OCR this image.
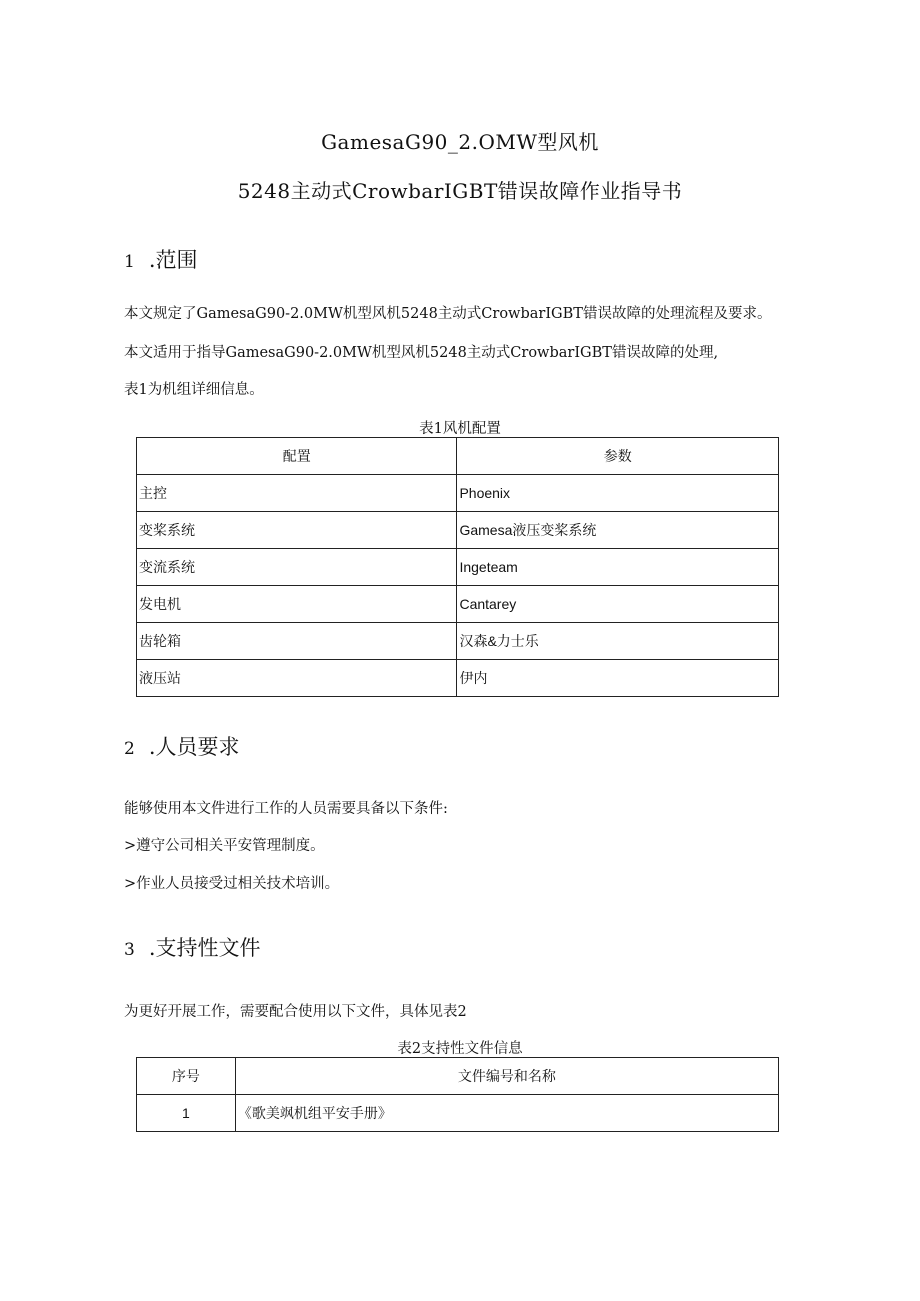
GamesaG90_2.OMW型风机
5248主动式CrowbarIGBT错误故障作业指导书
1 .范围
本文规定了GamesaG90-2.0MW机型风机5248主动式CrowbarIGBT错误故障的处理流程及要求。
本文适用于指导GamesaG90-2.0MW机型风机5248主动式CrowbarIGBT错误故障的处理,
表1为机组详细信息。
表1风机配置
配置	参数
主控	Phoenix
变桨系统	Gamesa液压变桨系统
变流系统	Ingeteam
发电机	Cantarey
齿轮箱	汉森&力士乐
液压站	伊内
2 .人员要求
能够使用本文件进行工作的人员需要具备以下条件:
>遵守公司相关平安管理制度。
>作业人员接受过相关技术培训。
3 .支持性文件
为更好开展工作，需要配合使用以下文件，具体见表2
表2支持性文件信息
序号	文件编号和名称
1	《歌美飒机组平安手册》
